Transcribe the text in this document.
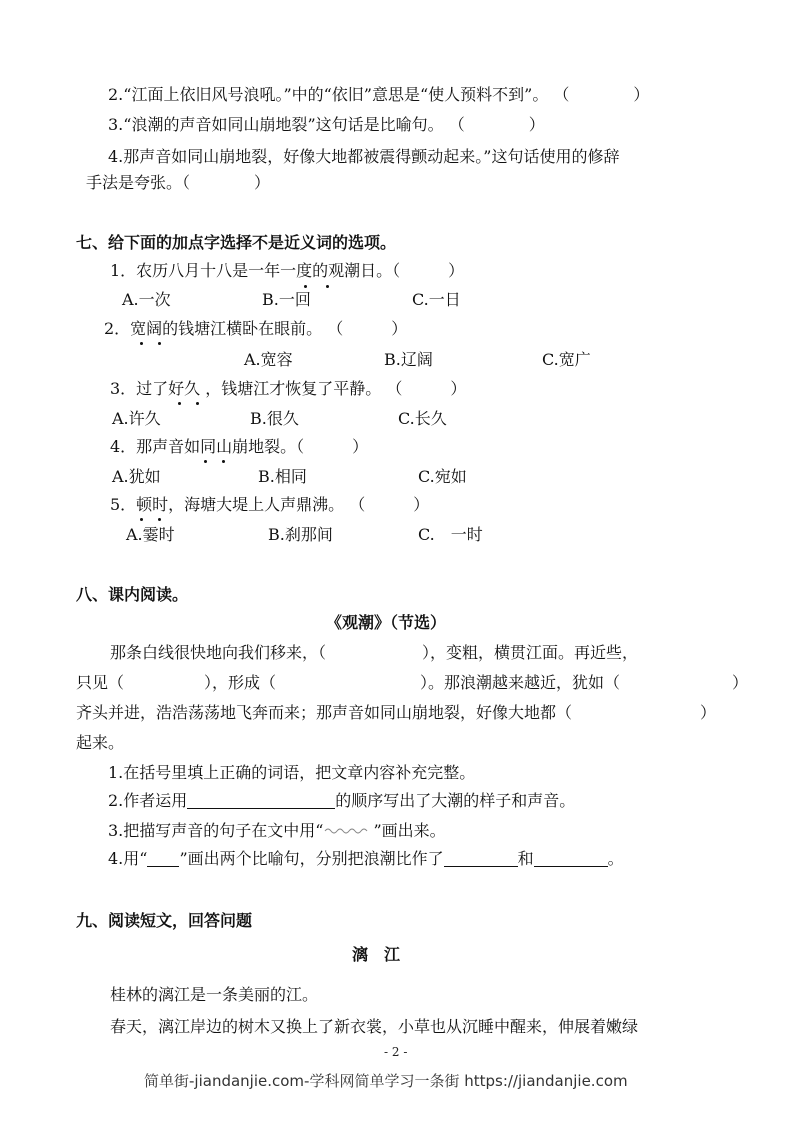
2.“江面上依旧风号浪吼。”中的“依旧”意思是“使人预料不到”。 （　　　　）
3.“浪潮的声音如同山崩地裂”这句话是比喻句。 （　　　　）
4.那声音如同山崩地裂，好像大地都被震得颤动起来。”这句话使用的修辞
手法是夸张。（　　　　）
七、给下面的加点字选择不是近义词的选项。
1．农历八月十八是一年一度的观潮日。（　　　）
A.一次	B.一回	C.一日
2．宽阔的钱塘江横卧在眼前。 （　　　）
A.宽容	B.辽阔	C.宽广
3．过了好久 ，钱塘江才恢复了平静。 （　　　）
A.许久	B.很久	C.长久
4．那声音如同山崩地裂。（　　　）
A.犹如	B.相同	C.宛如
5．顿时，海塘大堤上人声鼎沸。 （　　　）
A.霎时	B.刹那间	C.　一时
八、课内阅读。
《观潮》（节选）
那条白线很快地向我们移来，（　　　　　　），变粗，横贯江面。再近些，
只见（　　　　　），形成（　　　　　　　　　）。那浪潮越来越近，犹如（　　　　　　　）
齐头并进，浩浩荡荡地飞奔而来；那声音如同山崩地裂，好像大地都（　　　　　　　　）
起来。
1.在括号里填上正确的词语，把文章内容补充完整。
2.作者运用	的顺序写出了大潮的样子和声音。
3.把描写声音的句子在文中用“	”画出来。
4.用“ ”画出两个比喻句，分别把浪潮比作了	和	。
九、阅读短文，回答问题
漓　江
桂林的漓江是一条美丽的江。
春天，漓江岸边的树木又换上了新衣裳，小草也从沉睡中醒来，伸展着嫩绿
- 2 -
简单街-jiandanjie.com-学科网简单学习一条街 https://jiandanjie.com
